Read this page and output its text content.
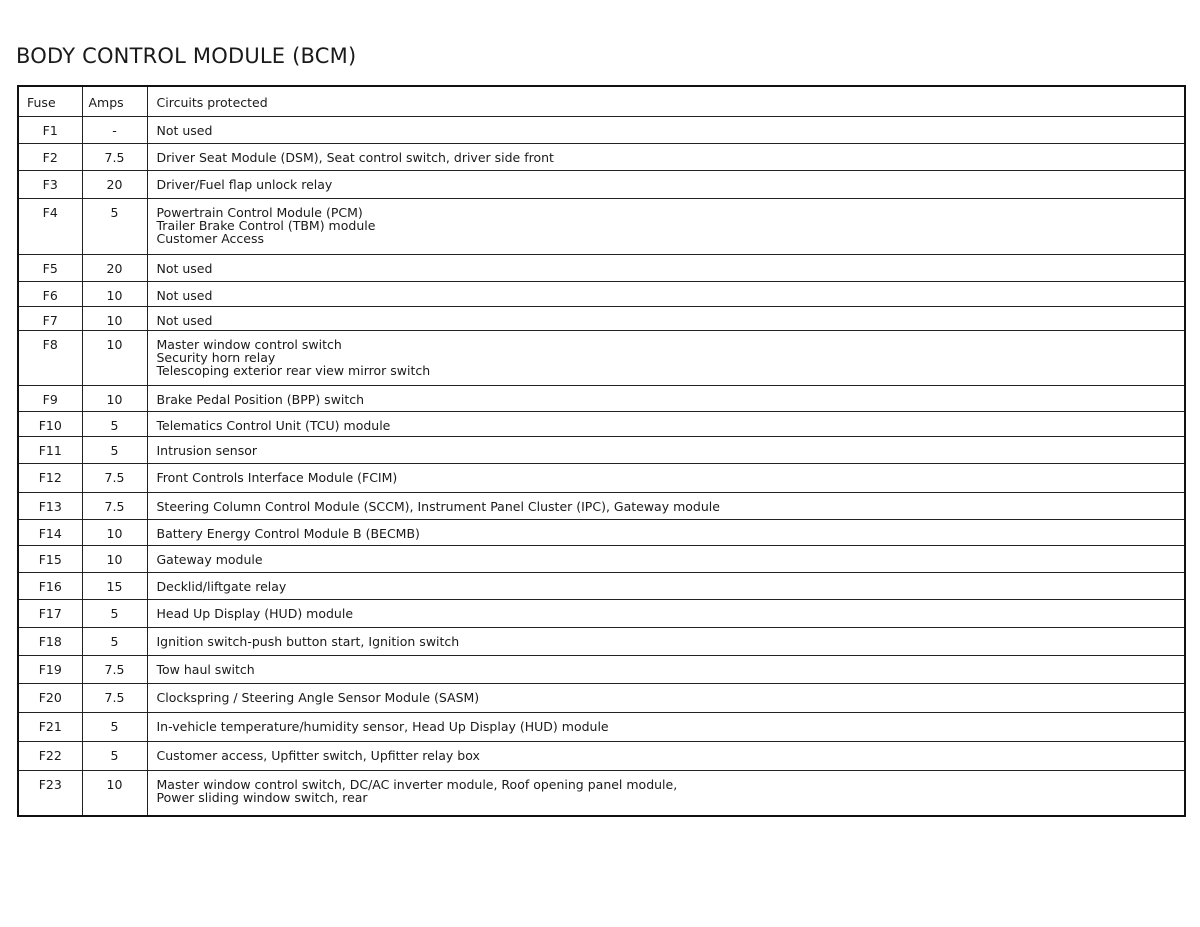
BODY CONTROL MODULE (BCM)
Fuse	Amps	Circuits protected
F1	-	Not used

F2	7.5	Driver Seat Module (DSM), Seat control switch, driver side front

F3	20	Driver/Fuel flap unlock relay

F4	5	Powertrain Control Module (PCM)
Trailer Brake Control (TBM) module
Customer Access

F5	20	Not used

F6	10	Not used

F7	10	Not used

F8	10	Master window control switch
Security horn relay
Telescoping exterior rear view mirror switch

F9	10	Brake Pedal Position (BPP) switch

F10	5	Telematics Control Unit (TCU) module

F11	5	Intrusion sensor

F12	7.5	Front Controls Interface Module (FCIM)

F13	7.5	Steering Column Control Module (SCCM), Instrument Panel Cluster (IPC), Gateway module

F14	10	Battery Energy Control Module B (BECMB)

F15	10	Gateway module

F16	15	Decklid/liftgate relay

F17	5	Head Up Display (HUD) module

F18	5	Ignition switch-push button start, Ignition switch

F19	7.5	Tow haul switch

F20	7.5	Clockspring / Steering Angle Sensor Module (SASM)

F21	5	In-vehicle temperature/humidity sensor, Head Up Display (HUD) module

F22	5	Customer access, Upfitter switch, Upfitter relay box

F23	10	Master window control switch, DC/AC inverter module, Roof opening panel module,
Power sliding window switch, rear
